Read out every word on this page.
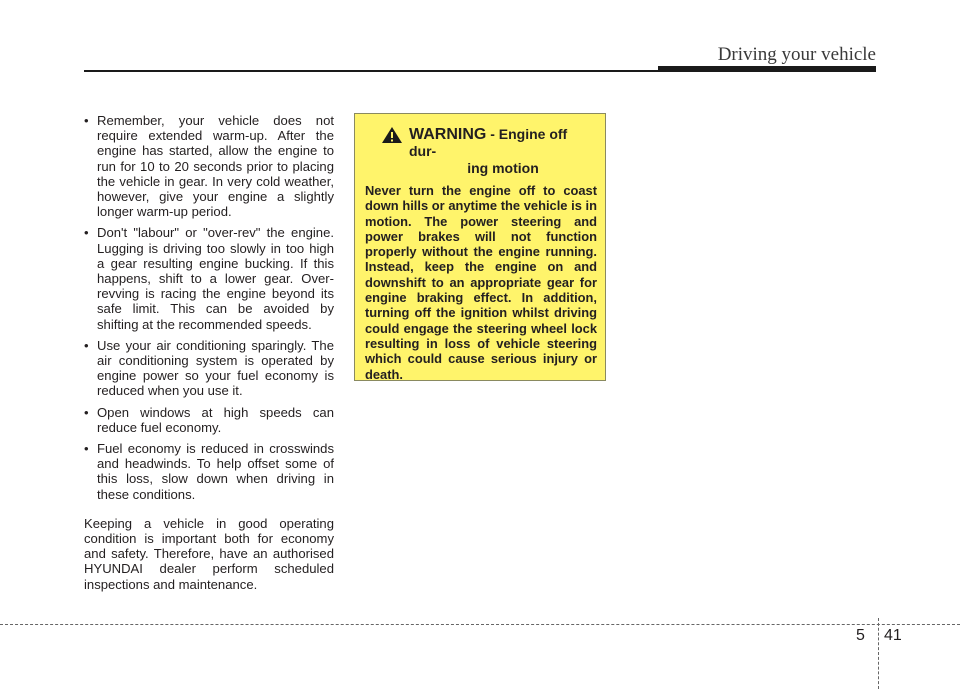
Driving your vehicle
• Remember, your vehicle does not require extended warm-up. After the engine has started, allow the engine to run for 10 to 20 seconds prior to placing the vehicle in gear. In very cold weather, however, give your engine a slightly longer warm-up period.
• Don't "labour" or "over-rev" the engine. Lugging is driving too slowly in too high a gear resulting engine bucking. If this happens, shift to a lower gear. Over-revving is racing the engine beyond its safe limit. This can be avoided by shifting at the recommended speeds.
• Use your air conditioning sparingly. The air conditioning system is operated by engine power so your fuel economy is reduced when you use it.
• Open windows at high speeds can reduce fuel economy.
• Fuel economy is reduced in crosswinds and headwinds. To help offset some of this loss, slow down when driving in these conditions.

Keeping a vehicle in good operating condition is important both for economy and safety. Therefore, have an authorised HYUNDAI dealer perform scheduled inspections and maintenance.

WARNING - Engine off dur-
ing motion
Never turn the engine off to coast down hills or anytime the vehicle is in motion. The power steering and power brakes will not function properly without the engine running. Instead, keep the engine on and downshift to an appropriate gear for engine braking effect. In addition, turning off the ignition whilst driving could engage the steering wheel lock resulting in loss of vehicle steering which could cause serious injury or death.
5 41
